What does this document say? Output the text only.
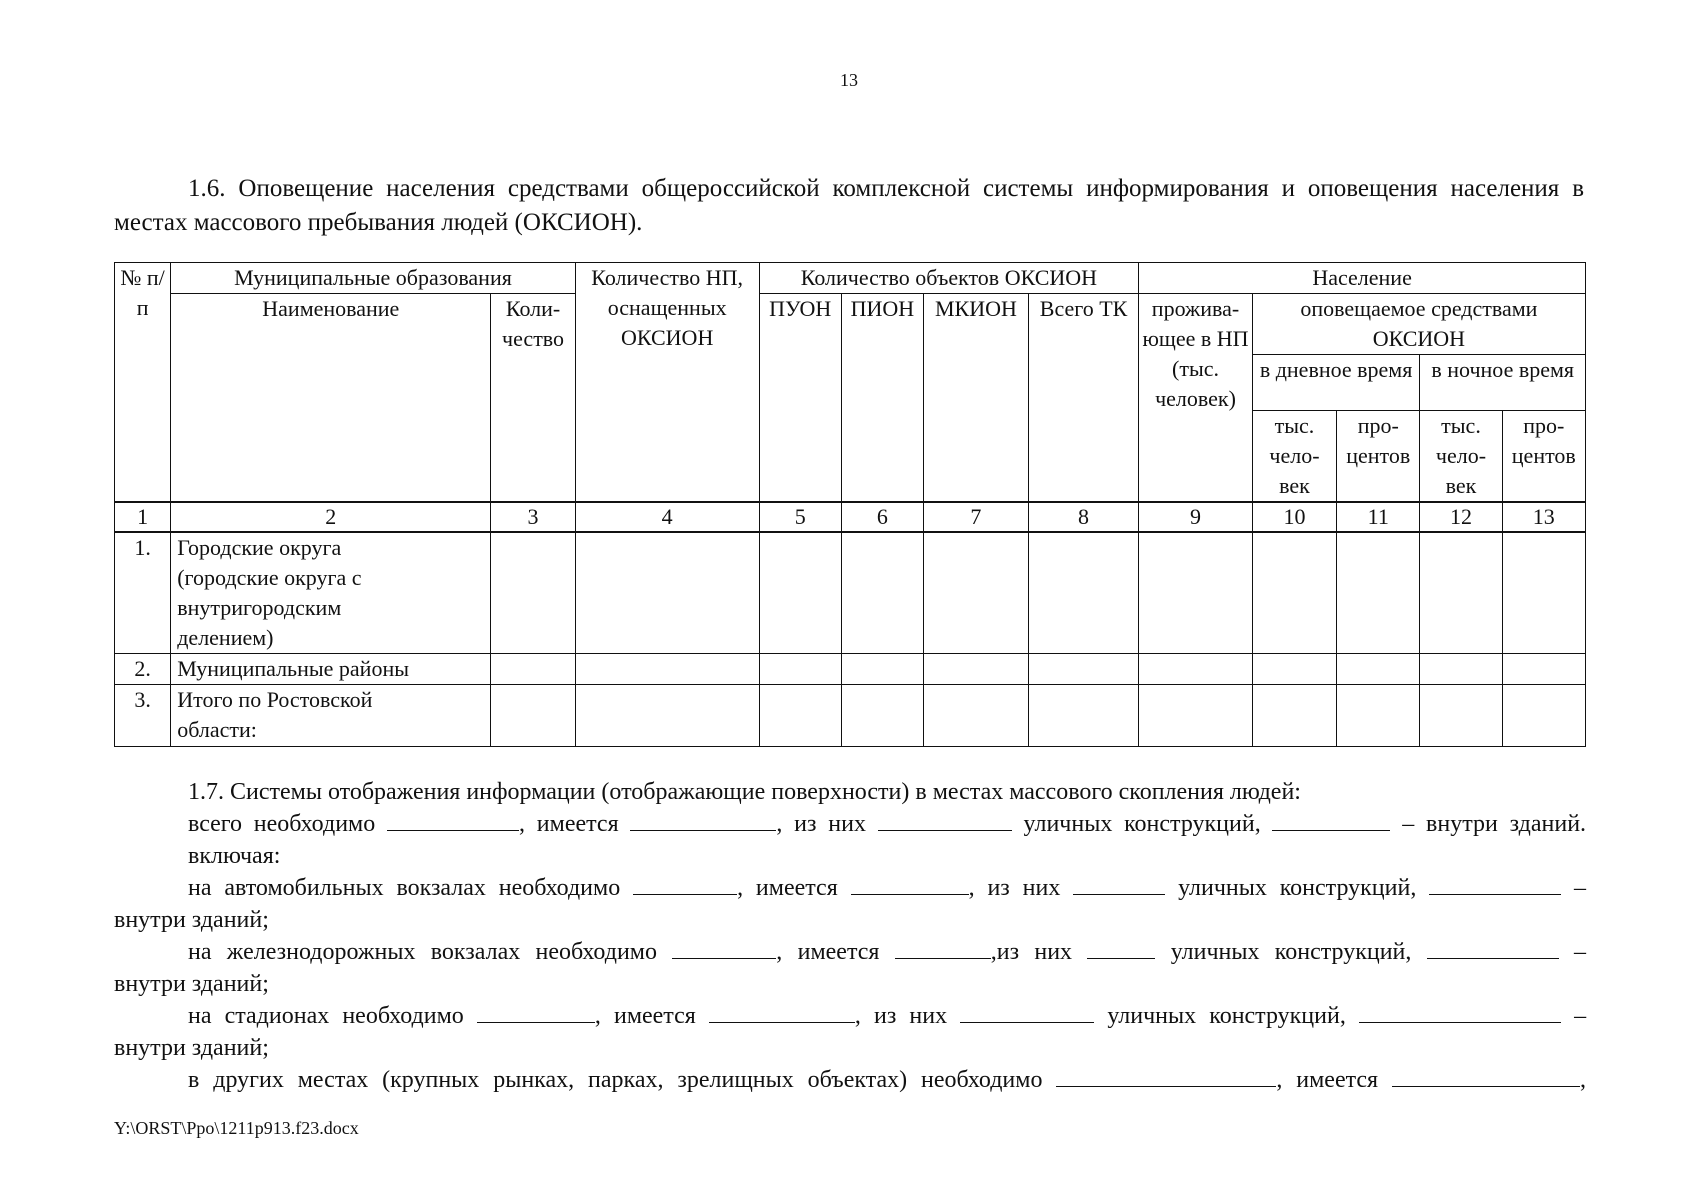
13
1.6. Оповещение населения средствами общероссийской комплексной системы информирования и оповещения населения в местах массового пребывания людей (ОКСИОН).
№ п/п	Муниципальные образования		Количество НП, оснащенных ОКСИОН	Количество объектов ОКСИОН				Население				
	Наименование	Коли-чество		ПУОН	ПИОН	МКИОН	Всего ТК	прожива-ющее в НП (тыс. человек)	оповещаемое средствами ОКСИОН			
									в дневное время		в ночное время	
									тыс. чело-век	про-центов	тыс. чело-век	про-центов

1	2	3	4	5	6	7	8	9	10	11	12	13
1.	Городские округа (городские округа с внутригородским делением)											

2.	Муниципальные районы											
3.	Итого по Ростовской области:											

1.7. Системы отображения информации (отображающие поверхности) в местах массового скопления людей:
всего необходимо	, имеется	, из них	уличных конструкций,	– внутри зданий.
включая:
на автомобильных вокзалах необходимо	, имеется	, из них	уличных конструкций,	–
внутри зданий;
на железнодорожных вокзалах необходимо	, имеется	,из них	уличных конструкций,	–
внутри зданий;
на стадионах необходимо	, имеется	, из них	уличных конструкций,	–
внутри зданий;
в других местах (крупных рынках, парках, зрелищных объектах) необходимо	, имеется	,
Y:\ORST\Ppo\1211p913.f23.docx
